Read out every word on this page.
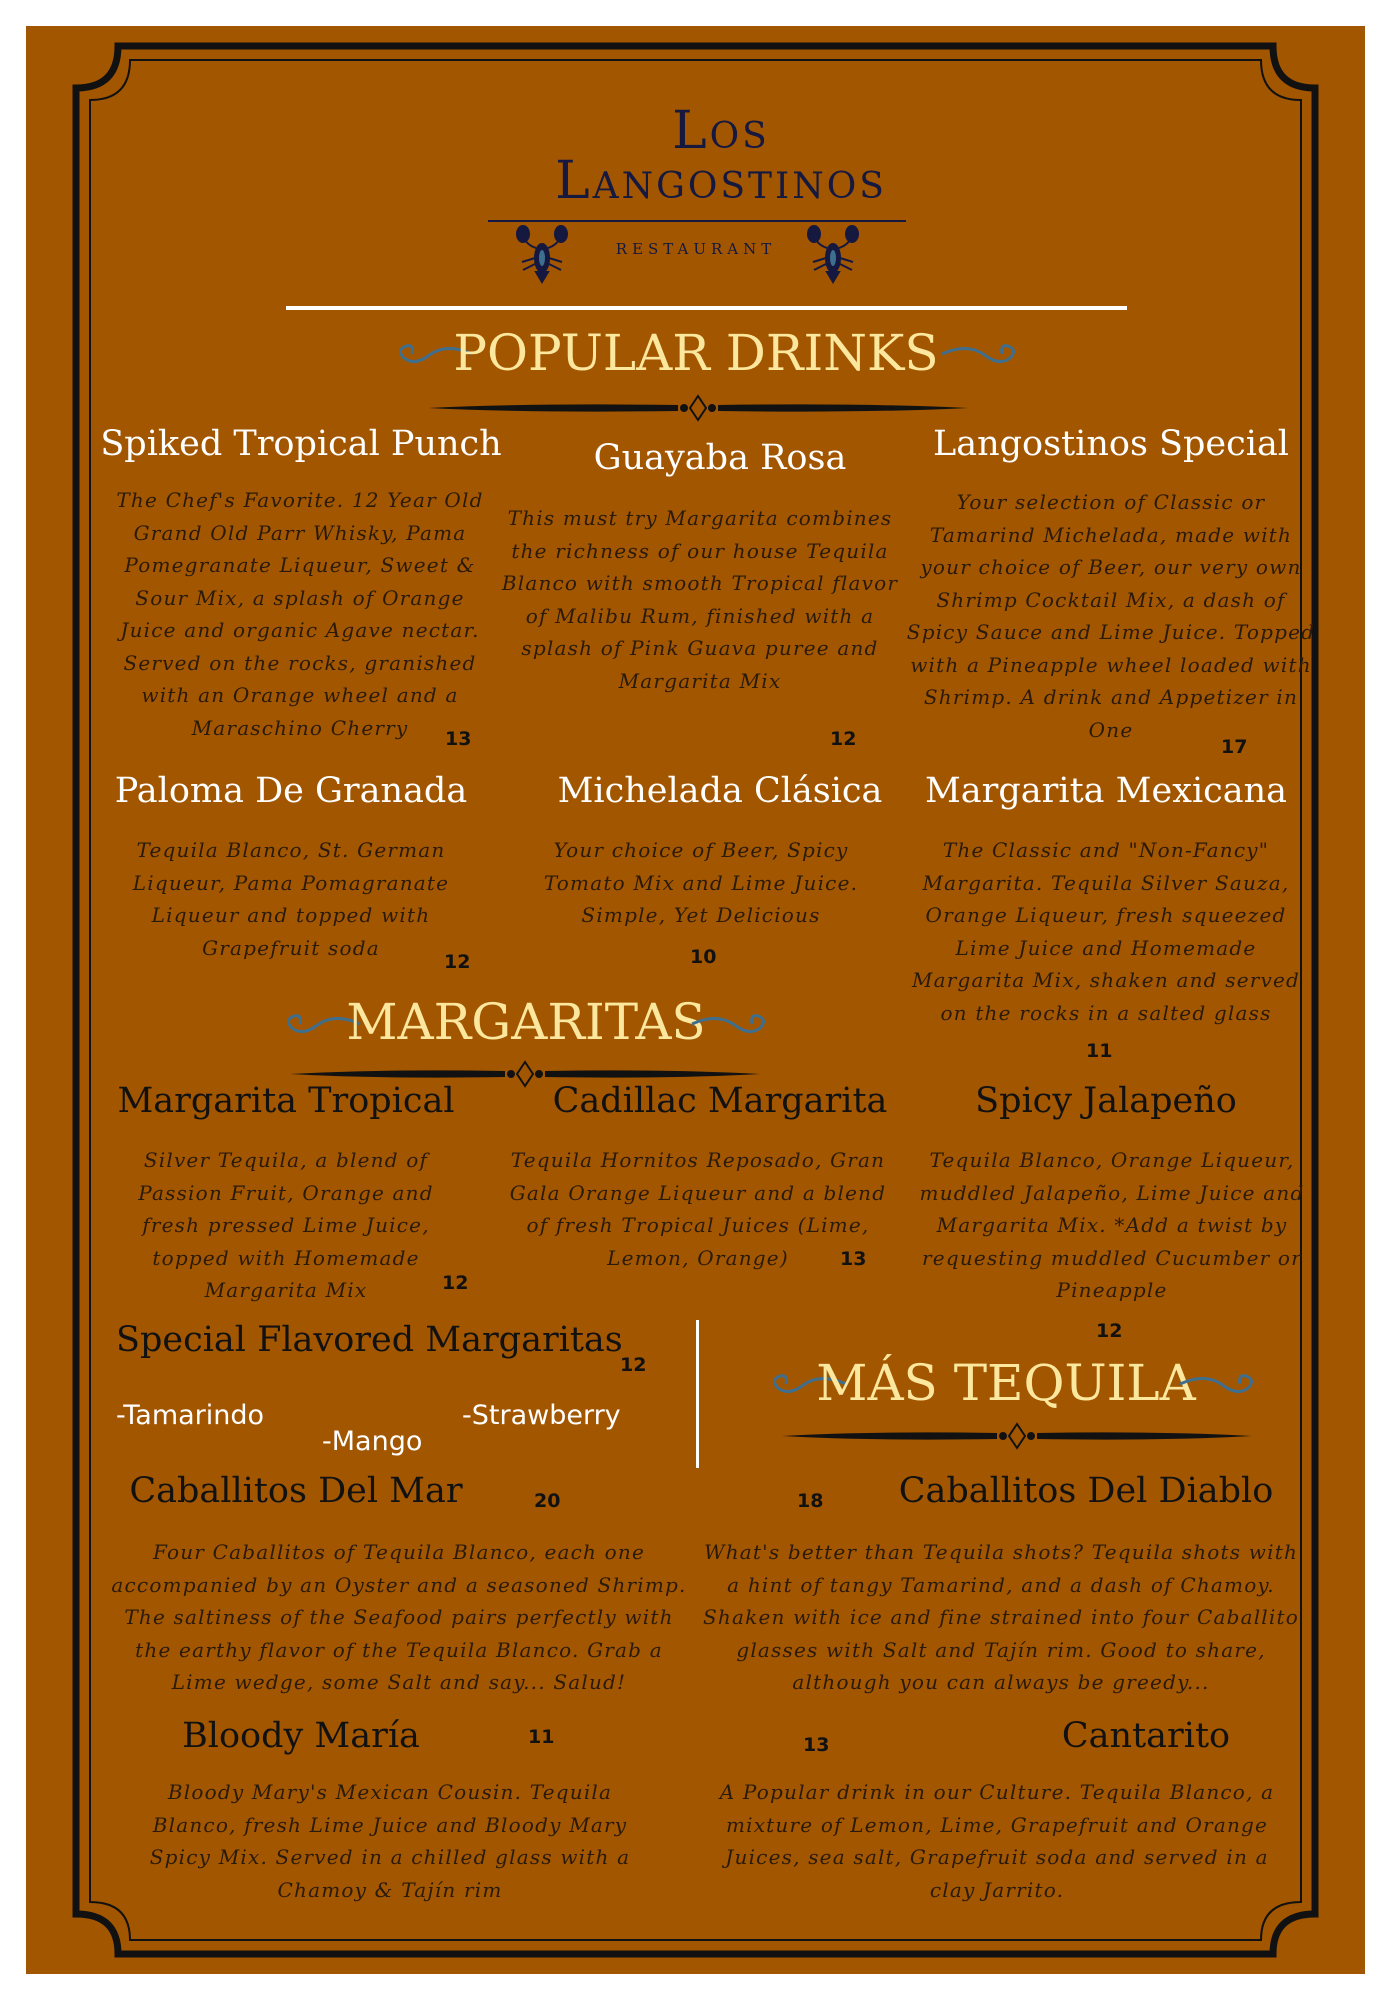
Los
Langostinos
RESTAURANT
POPULAR DRINKS
Spiked Tropical Punch
The Chef's Favorite. 12 Year Old Grand Old Parr Whisky, Pama Pomegranate Liqueur, Sweet & Sour Mix, a splash of Orange Juice and organic Agave nectar. Served on the rocks, granished with an Orange wheel and a Maraschino Cherry	13
Guayaba Rosa
This must try Margarita combines the richness of our house Tequila Blanco with smooth Tropical flavor of Malibu Rum, finished with a splash of Pink Guava puree and Margarita Mix
12
Langostinos Special
Your selection of Classic or Tamarind Michelada, made with your choice of Beer, our very own Shrimp Cocktail Mix, a dash of Spicy Sauce and Lime Juice. Topped with a Pineapple wheel loaded with Shrimp. A drink and Appetizer in One
17
Paloma De Granada
Tequila Blanco, St. German Liqueur, Pama Pomagranate Liqueur and topped with Grapefruit soda
12
Michelada Clásica
Your choice of Beer, Spicy Tomato Mix and Lime Juice. Simple, Yet Delicious
10
Margarita Mexicana
The Classic and "Non-Fancy" Margarita. Tequila Silver Sauza, Orange Liqueur, fresh squeezed Lime Juice and Homemade Margarita Mix, shaken and served on the rocks in a salted glass
11
MARGARITAS
Margarita Tropical
Silver Tequila, a blend of Passion Fruit, Orange and fresh pressed Lime Juice, topped with Homemade Margarita Mix	12
Cadillac Margarita
Tequila Hornitos Reposado, Gran Gala Orange Liqueur and a blend of fresh Tropical Juices (Lime, Lemon, Orange)	13
Spicy Jalapeño
Tequila Blanco, Orange Liqueur, muddled Jalapeño, Lime Juice and Margarita Mix. *Add a twist by requesting muddled Cucumber or Pineapple
12
Special Flavored Margaritas
12
-Tamarindo
-Mango
-Strawberry
MÁS TEQUILA
Caballitos Del Mar	20
Four Caballitos of Tequila Blanco, each one accompanied by an Oyster and a seasoned Shrimp. The saltiness of the Seafood pairs perfectly with the earthy flavor of the Tequila Blanco. Grab a Lime wedge, some Salt and say... Salud!
18	Caballitos Del Diablo
What's better than Tequila shots? Tequila shots with a hint of tangy Tamarind, and a dash of Chamoy. Shaken with ice and fine strained into four Caballito glasses with Salt and Tajín rim. Good to share, although you can always be greedy...
Bloody María	11
Bloody Mary's Mexican Cousin. Tequila Blanco, fresh Lime Juice and Bloody Mary Spicy Mix. Served in a chilled glass with a Chamoy & Tajín rim
13	Cantarito
A Popular drink in our Culture. Tequila Blanco, a mixture of Lemon, Lime, Grapefruit and Orange Juices, sea salt, Grapefruit soda and served in a clay Jarrito.
